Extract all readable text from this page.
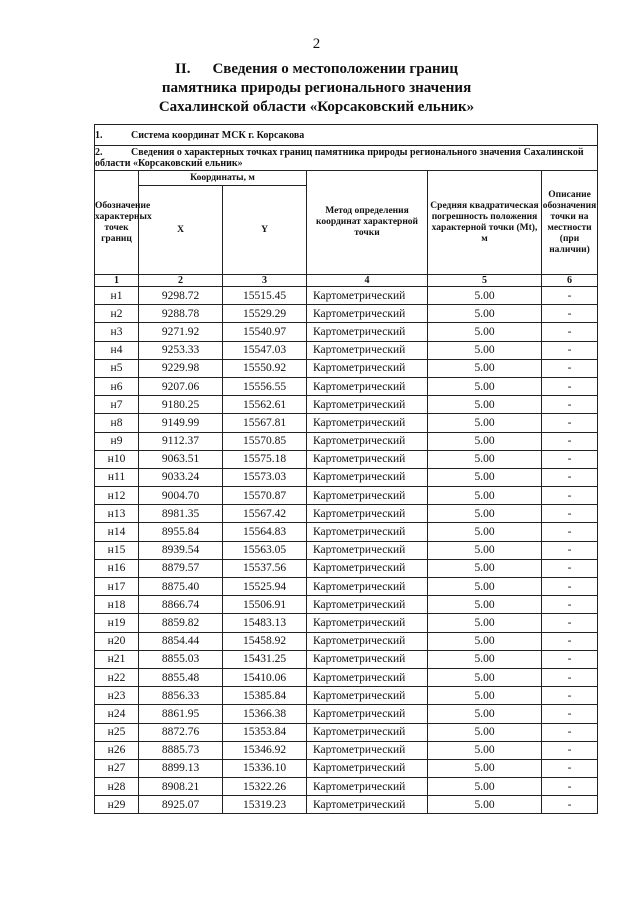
2
II. Сведения о местоположении границ
памятника природы регионального значения
Сахалинской области «Корсаковский ельник»
1. Система координат МСК г. Корсакова					
2. Сведения о характерных точках границ памятника природы регионального значения Сахалинской области «Корсаковский ельник»					
Обозначение характерных точек границ	Координаты, м		Метод определения координат характерной точки	Средняя квадратическая погрешность положения характерной точки (Mt), м	Описание обозначения точки на местности (при наличии)
	X	Y			
1	2	3	4	5	6
н1	9298.72	15515.45	Картометрический	5.00	-
н2	9288.78	15529.29	Картометрический	5.00	-
н3	9271.92	15540.97	Картометрический	5.00	-
н4	9253.33	15547.03	Картометрический	5.00	-
н5	9229.98	15550.92	Картометрический	5.00	-
н6	9207.06	15556.55	Картометрический	5.00	-
н7	9180.25	15562.61	Картометрический	5.00	-
н8	9149.99	15567.81	Картометрический	5.00	-
н9	9112.37	15570.85	Картометрический	5.00	-
н10	9063.51	15575.18	Картометрический	5.00	-
н11	9033.24	15573.03	Картометрический	5.00	-
н12	9004.70	15570.87	Картометрический	5.00	-
н13	8981.35	15567.42	Картометрический	5.00	-
н14	8955.84	15564.83	Картометрический	5.00	-
н15	8939.54	15563.05	Картометрический	5.00	-
н16	8879.57	15537.56	Картометрический	5.00	-
н17	8875.40	15525.94	Картометрический	5.00	-
н18	8866.74	15506.91	Картометрический	5.00	-
н19	8859.82	15483.13	Картометрический	5.00	-
н20	8854.44	15458.92	Картометрический	5.00	-
н21	8855.03	15431.25	Картометрический	5.00	-
н22	8855.48	15410.06	Картометрический	5.00	-
н23	8856.33	15385.84	Картометрический	5.00	-
н24	8861.95	15366.38	Картометрический	5.00	-
н25	8872.76	15353.84	Картометрический	5.00	-
н26	8885.73	15346.92	Картометрический	5.00	-
н27	8899.13	15336.10	Картометрический	5.00	-
н28	8908.21	15322.26	Картометрический	5.00	-
н29	8925.07	15319.23	Картометрический	5.00	-
